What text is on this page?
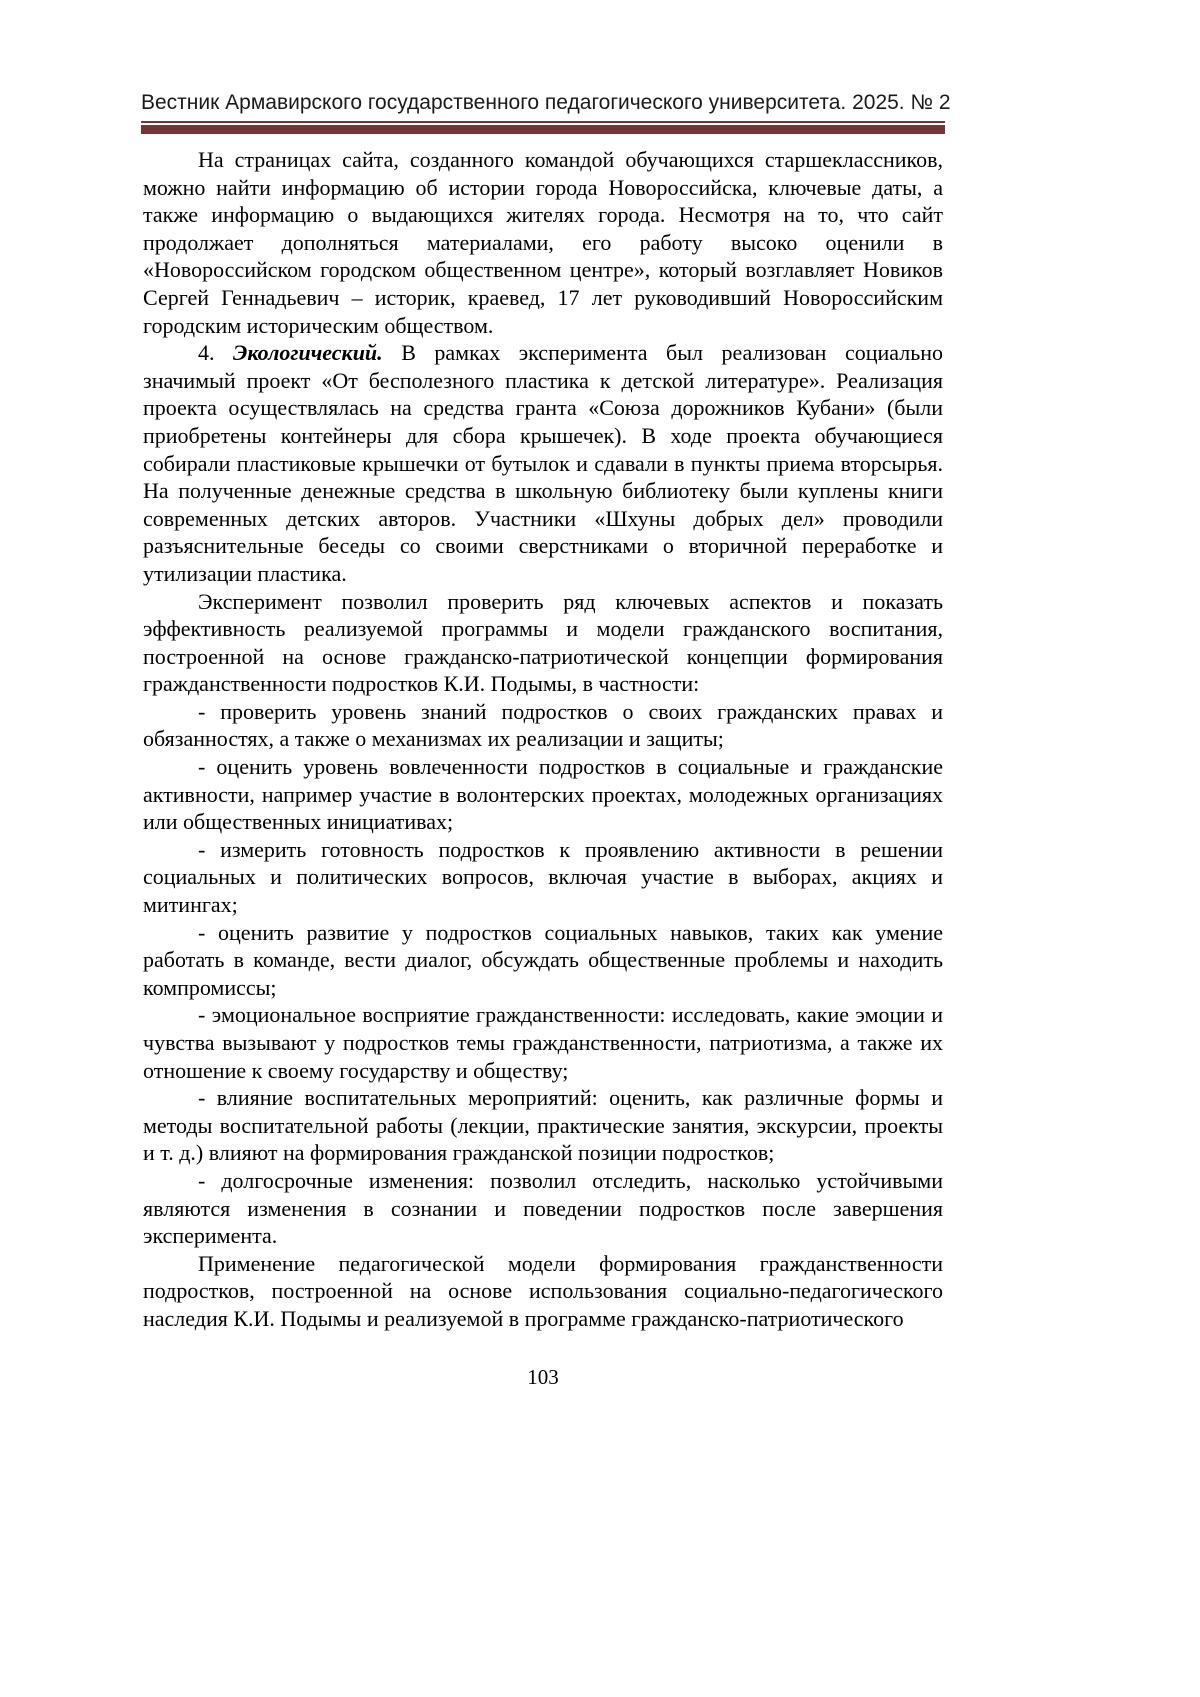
Вестник Армавирского государственного педагогического университета. 2025. № 2

На страницах сайта, созданного командой обучающихся старшеклассников, можно найти информацию об истории города Новороссийска, ключевые даты, а также информацию о выдающихся жителях города. Несмотря на то, что сайт продолжает дополняться материалами, его работу высоко оценили в «Новороссийском городском общественном центре», который возглавляет Новиков Сергей Геннадьевич – историк, краевед, 17 лет руководивший Новороссийским городским историческим обществом.

4. Экологический. В рамках эксперимента был реализован социально значимый проект «От бесполезного пластика к детской литературе». Реализация проекта осуществлялась на средства гранта «Союза дорожников Кубани» (были приобретены контейнеры для сбора крышечек). В ходе проекта обучающиеся собирали пластиковые крышечки от бутылок и сдавали в пункты приема вторсырья. На полученные денежные средства в школьную библиотеку были куплены книги современных детских авторов. Участники «Шхуны добрых дел» проводили разъяснительные беседы со своими сверстниками о вторичной переработке и утилизации пластика.

Эксперимент позволил проверить ряд ключевых аспектов и показать эффективность реализуемой программы и модели гражданского воспитания, построенной на основе гражданско-патриотической концепции формирования гражданственности подростков К.И. Подымы, в частности:

- проверить уровень знаний подростков о своих гражданских правах и обязанностях, а также о механизмах их реализации и защиты;

- оценить уровень вовлеченности подростков в социальные и гражданские активности, например участие в волонтерских проектах, молодежных организациях или общественных инициативах;

- измерить готовность подростков к проявлению активности в решении социальных и политических вопросов, включая участие в выборах, акциях и митингах;

- оценить развитие у подростков социальных навыков, таких как умение работать в команде, вести диалог, обсуждать общественные проблемы и находить компромиссы;

- эмоциональное восприятие гражданственности: исследовать, какие эмоции и чувства вызывают у подростков темы гражданственности, патриотизма, а также их отношение к своему государству и обществу;

- влияние воспитательных мероприятий: оценить, как различные формы и методы воспитательной работы (лекции, практические занятия, экскурсии, проекты и т. д.) влияют на формирования гражданской позиции подростков;

- долгосрочные изменения: позволил отследить, насколько устойчивыми являются изменения в сознании и поведении подростков после завершения эксперимента.

Применение педагогической модели формирования гражданственности подростков, построенной на основе использования социально-педагогического наследия К.И. Подымы и реализуемой в программе гражданско-патриотического

103
